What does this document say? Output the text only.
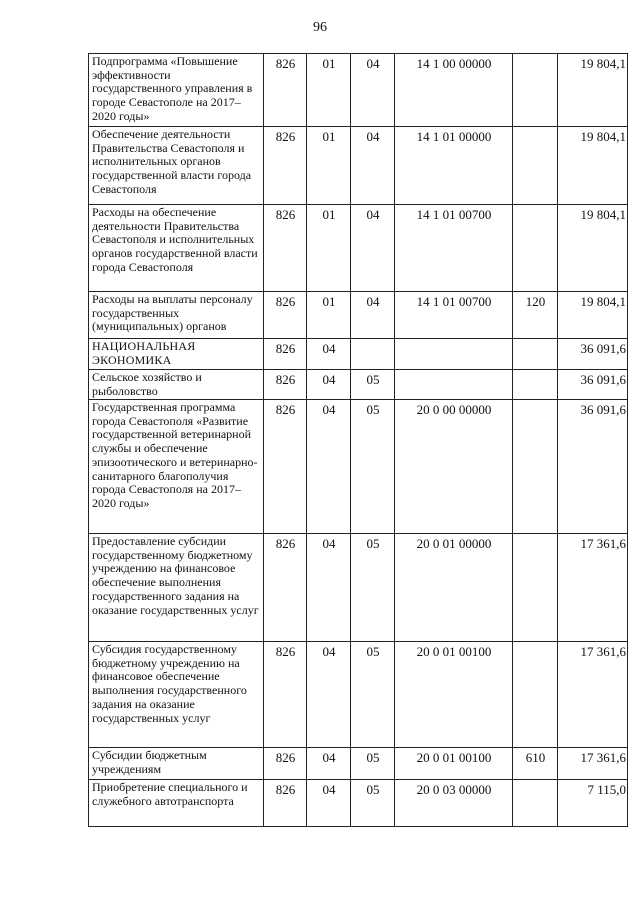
96
Подпрограмма «Повышение эффективности государственного управления в городе Севастополе на 2017–2020 годы»	826	01	04	14 1 00 00000		19 804,1
Обеспечение деятельности Правительства Севастополя и исполнительных органов государственной власти города Севастополя	826	01	04	14 1 01 00000		19 804,1
Расходы на обеспечение деятельности Правительства Севастополя и исполнительных органов государственной власти города Севастополя	826	01	04	14 1 01 00700		19 804,1
Расходы на выплаты персоналу государственных (муниципальных) органов	826	01	04	14 1 01 00700	120	19 804,1
НАЦИОНАЛЬНАЯ ЭКОНОМИКА	826	04				36 091,6
Сельское хозяйство и рыболовство	826	04	05			36 091,6
Государственная программа города Севастополя «Развитие государственной ветеринарной службы и обеспечение эпизоотического и ветеринарно-санитарного благополучия города Севастополя на 2017–2020 годы»	826	04	05	20 0 00 00000		36 091,6
Предоставление субсидии государственному бюджетному учреждению на финансовое обеспечение выполнения государственного задания на оказание государственных услуг	826	04	05	20 0 01 00000		17 361,6
Субсидия государственному бюджетному учреждению на финансовое обеспечение выполнения государственного задания на оказание государственных услуг	826	04	05	20 0 01 00100		17 361,6
Субсидии бюджетным учреждениям	826	04	05	20 0 01 00100	610	17 361,6
Приобретение специального и служебного автотранспорта	826	04	05	20 0 03 00000		7 115,0
